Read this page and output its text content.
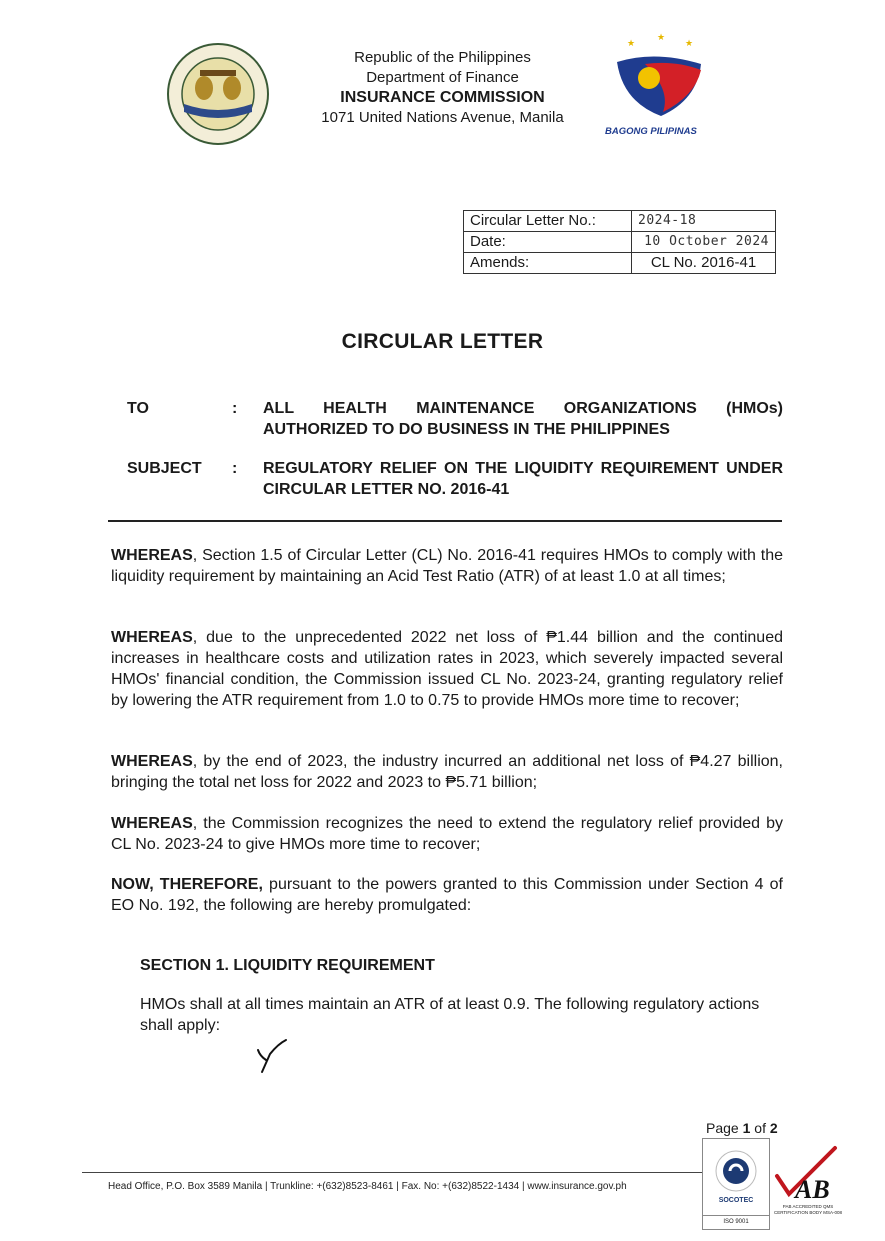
Republic of the Philippines
Department of Finance
INSURANCE COMMISSION
1071 United Nations Avenue, Manila
★
★
★
BAGONG PILIPINAS
Circular Letter No.:	2024-18
Date:	10 October 2024
Amends:	CL No. 2016-41
CIRCULAR LETTER
TO	: ALL HEALTH MAINTENANCE ORGANIZATIONS (HMOs) AUTHORIZED TO DO BUSINESS IN THE PHILIPPINES
SUBJECT	: REGULATORY RELIEF ON THE LIQUIDITY REQUIREMENT UNDER CIRCULAR LETTER NO. 2016-41
WHEREAS, Section 1.5 of Circular Letter (CL) No. 2016-41 requires HMOs to comply with the liquidity requirement by maintaining an Acid Test Ratio (ATR) of at least 1.0 at all times;
WHEREAS, due to the unprecedented 2022 net loss of ₱1.44 billion and the continued increases in healthcare costs and utilization rates in 2023, which severely impacted several HMOs' financial condition, the Commission issued CL No. 2023-24, granting regulatory relief by lowering the ATR requirement from 1.0 to 0.75 to provide HMOs more time to recover;
WHEREAS, by the end of 2023, the industry incurred an additional net loss of ₱4.27 billion, bringing the total net loss for 2022 and 2023 to ₱5.71 billion;
WHEREAS, the Commission recognizes the need to extend the regulatory relief provided by CL No. 2023-24 to give HMOs more time to recover;
NOW, THEREFORE, pursuant to the powers granted to this Commission under Section 4 of EO No. 192, the following are hereby promulgated:
SECTION 1. LIQUIDITY REQUIREMENT
HMOs shall at all times maintain an ATR of at least 0.9. The following regulatory actions shall apply:
Page 1 of 2
Head Office, P.O. Box 3589 Manila | Trunkline: +(632)8523-8461 | Fax. No: +(632)8522-1434 | www.insurance.gov.ph
SOCOTEC
ISO 9001
AB
PAB ACCREDITED QMS CERTIFICATION BODY MSA-008
